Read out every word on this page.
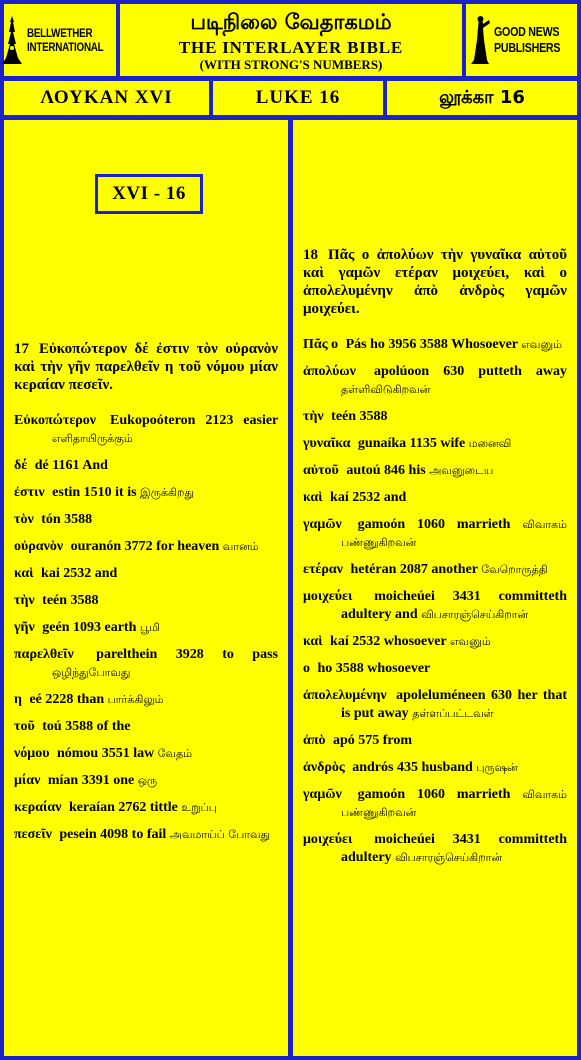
BELLWETHER
INTERNATIONAL
படிநிலை வேதாகமம்
THE INTERLAYER BIBLE
(WITH STRONG'S NUMBERS)
GOOD NEWS
PUBLISHERS
ΛΟΥΚΑΝ XVI	LUKE 16	லூக்கா 16
XVI - 16
17 Εὐκοπώτερον δέ ἐστιν τὸν οὐρανὸν καὶ τὴν γῆν παρελθεῖν η τοῦ νόμου μίαν κεραίαν πεσεῖν.
Εὐκοπώτερον Eukopoóteron 2123 easier எளிதாயிருக்கும்
δέ dé 1161 And
ἐστιν estin 1510 it is இருக்கிறது
τὸν tón 3588
οὐρανὸν ouranón 3772 for heaven வானம்
καὶ kai 2532 and
τὴν teén 3588
γῆν geén 1093 earth பூமி
παρελθεῖν parelthein 3928 to pass ஒழிந்துபோவது
η eé 2228 than பார்க்கிலும்
τοῦ toú 3588 of the
νόμου nómou 3551 law வேதம்
μίαν mían 3391 one ஒரு
κεραίαν keraían 2762 tittle உறுப்பு
πεσεῖν pesein 4098 to fail அவமாய்ப் போவது
18 Πᾶς ο ἀπολύων τὴν γυναῖκα αὐτοῦ καὶ γαμῶν ετέραν μοιχεύει, καὶ ο ἀπολελυμένην ἀπὸ ἀνδρὸς γαμῶν μοιχεύει.
Πᾶς ο Pás ho 3956 3588 Whosoever எவனும்
ἀπολύων apolúoon 630 putteth away தள்ளிவிடுகிறவன்
τὴν teén 3588
γυναῖκα gunaíka 1135 wife மனைவி
αὐτοῦ autoú 846 his அவனுடைய
καὶ kaí 2532 and
γαμῶν gamoón 1060 marrieth விவாகம் பண்ணுகிறவன்
ετέραν hetéran 2087 another வேறொருத்தி
μοιχεύει moicheúei 3431 committeth adultery and விபசாரஞ்செய்கிறான்
καὶ kaí 2532 whosoever எவனும்
ο ho 3588 whosoever
ἀπολελυμένην apoleluméneen 630 her that is put away தள்ளப்பட்டவள்
ἀπὸ apó 575 from
ἀνδρὸς andrós 435 husband புருஷன்
γαμῶν gamoón 1060 marrieth விவாகம் பண்ணுகிறவன்
μοιχεύει moicheúei 3431 committeth adultery விபசாரஞ்செய்கிறான்
